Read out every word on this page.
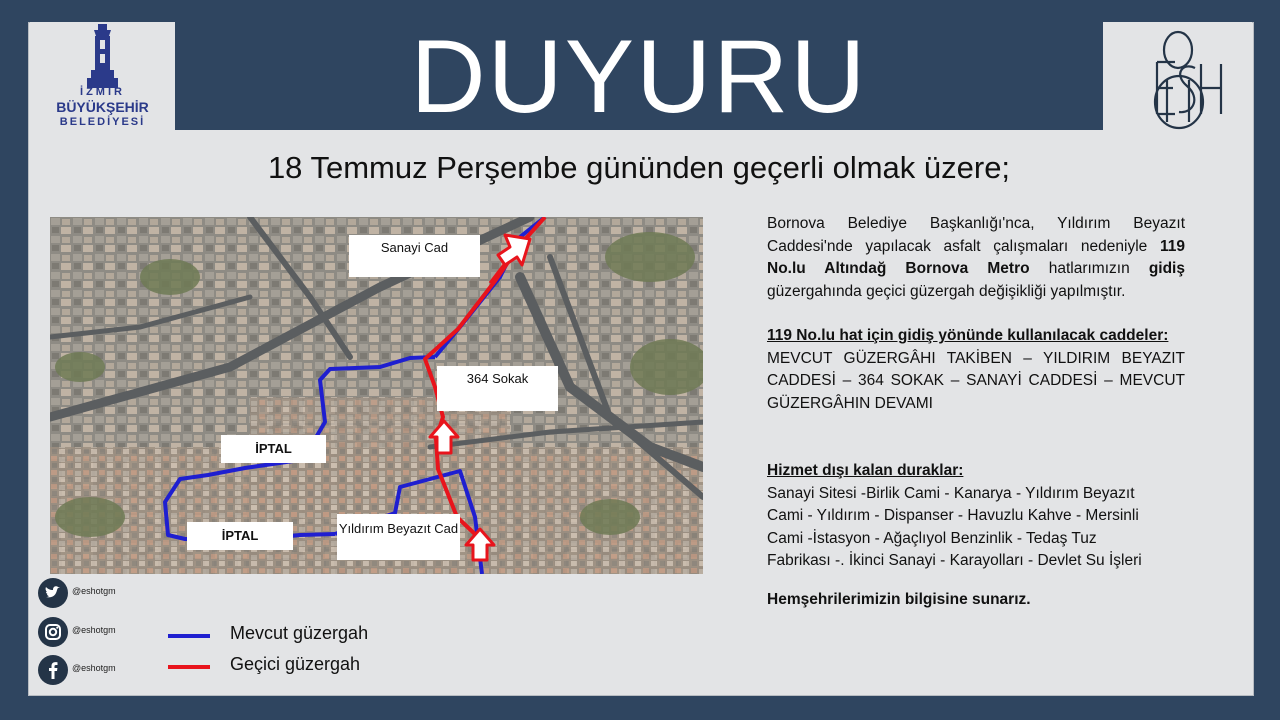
DUYURU
İZMİR
BÜYÜKŞEHİR
BELEDİYESİ
18 Temmuz Perşembe gününden geçerli olmak üzere;
Sanayi Cad
364 Sokak
İPTAL
İPTAL	Yıldırım Beyazıt Cad
Bornova Belediye Başkanlığı'nca, Yıldırım Beyazıt Caddesi'nde yapılacak asfalt çalışmaları nedeniyle 119 No.lu Altındağ Bornova Metro hatlarımızın gidiş güzergahında geçici güzergah değişikliği yapılmıştır.
119 No.lu hat için gidiş yönünde kullanılacak caddeler:
MEVCUT GÜZERGÂHI TAKİBEN – YILDIRIM BEYAZIT CADDESİ – 364 SOKAK – SANAYİ CADDESİ – MEVCUT GÜZERGÂHIN DEVAMI
Hizmet dışı kalan duraklar:
Sanayi Sitesi -Birlik Cami - Kanarya - Yıldırım Beyazıt
Cami - Yıldırım - Dispanser - Havuzlu Kahve - Mersinli
Cami -İstasyon - Ağaçlıyol Benzinlik - Tedaş Tuz
Fabrikası -. İkinci Sanayi - Karayolları - Devlet Su İşleri
Hemşehrilerimizin bilgisine sunarız.
@eshotgm
@eshotgm
@eshotgm
Mevcut güzergah
Geçici güzergah
